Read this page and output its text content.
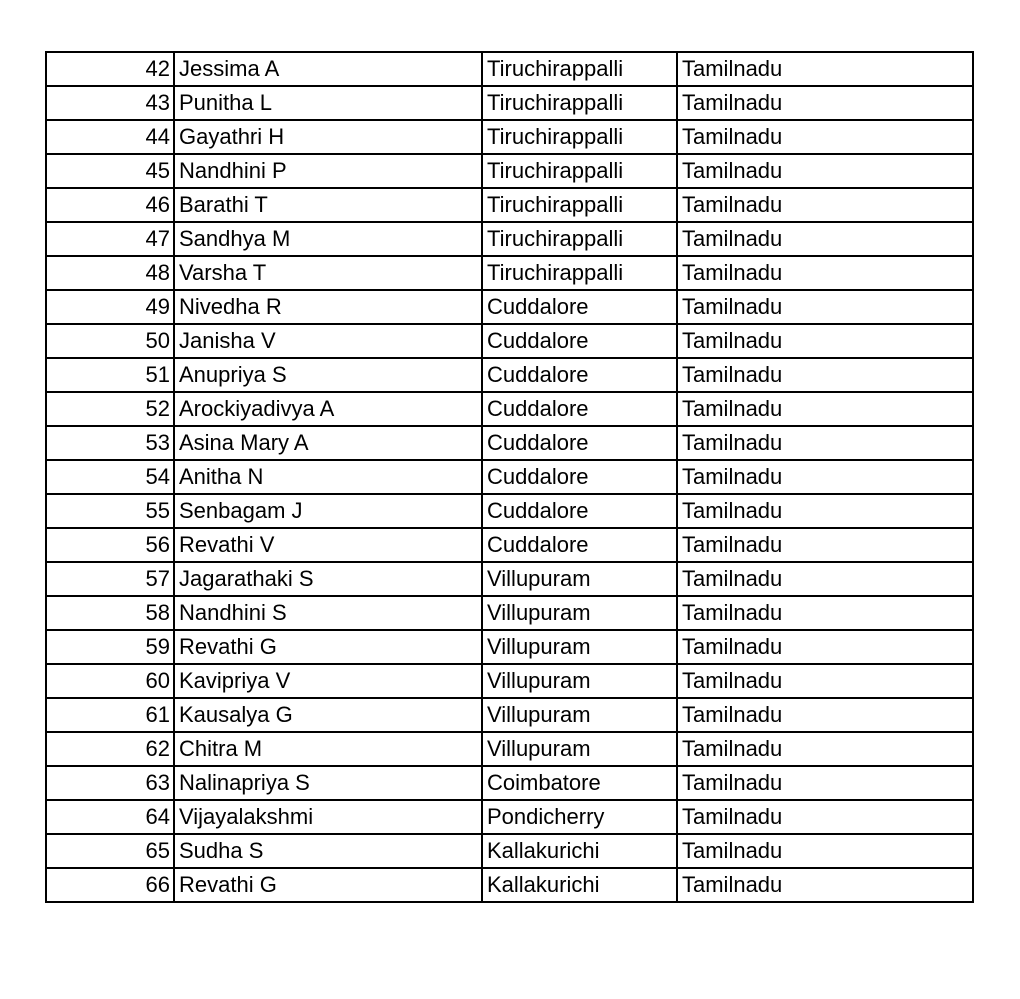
42	Jessima A	Tiruchirappalli	Tamilnadu
43	Punitha L	Tiruchirappalli	Tamilnadu
44	Gayathri H	Tiruchirappalli	Tamilnadu
45	Nandhini P	Tiruchirappalli	Tamilnadu
46	Barathi T	Tiruchirappalli	Tamilnadu
47	Sandhya M	Tiruchirappalli	Tamilnadu
48	Varsha T	Tiruchirappalli	Tamilnadu
49	Nivedha R	Cuddalore	Tamilnadu
50	Janisha V	Cuddalore	Tamilnadu
51	Anupriya S	Cuddalore	Tamilnadu
52	Arockiyadivya A	Cuddalore	Tamilnadu
53	Asina Mary A	Cuddalore	Tamilnadu
54	Anitha N	Cuddalore	Tamilnadu
55	Senbagam J	Cuddalore	Tamilnadu
56	Revathi V	Cuddalore	Tamilnadu
57	Jagarathaki S	Villupuram	Tamilnadu
58	Nandhini S	Villupuram	Tamilnadu
59	Revathi G	Villupuram	Tamilnadu
60	Kavipriya V	Villupuram	Tamilnadu
61	Kausalya G	Villupuram	Tamilnadu
62	Chitra M	Villupuram	Tamilnadu
63	Nalinapriya S	Coimbatore	Tamilnadu
64	Vijayalakshmi	Pondicherry	Tamilnadu
65	Sudha S	Kallakurichi	Tamilnadu
66	Revathi G	Kallakurichi	Tamilnadu
